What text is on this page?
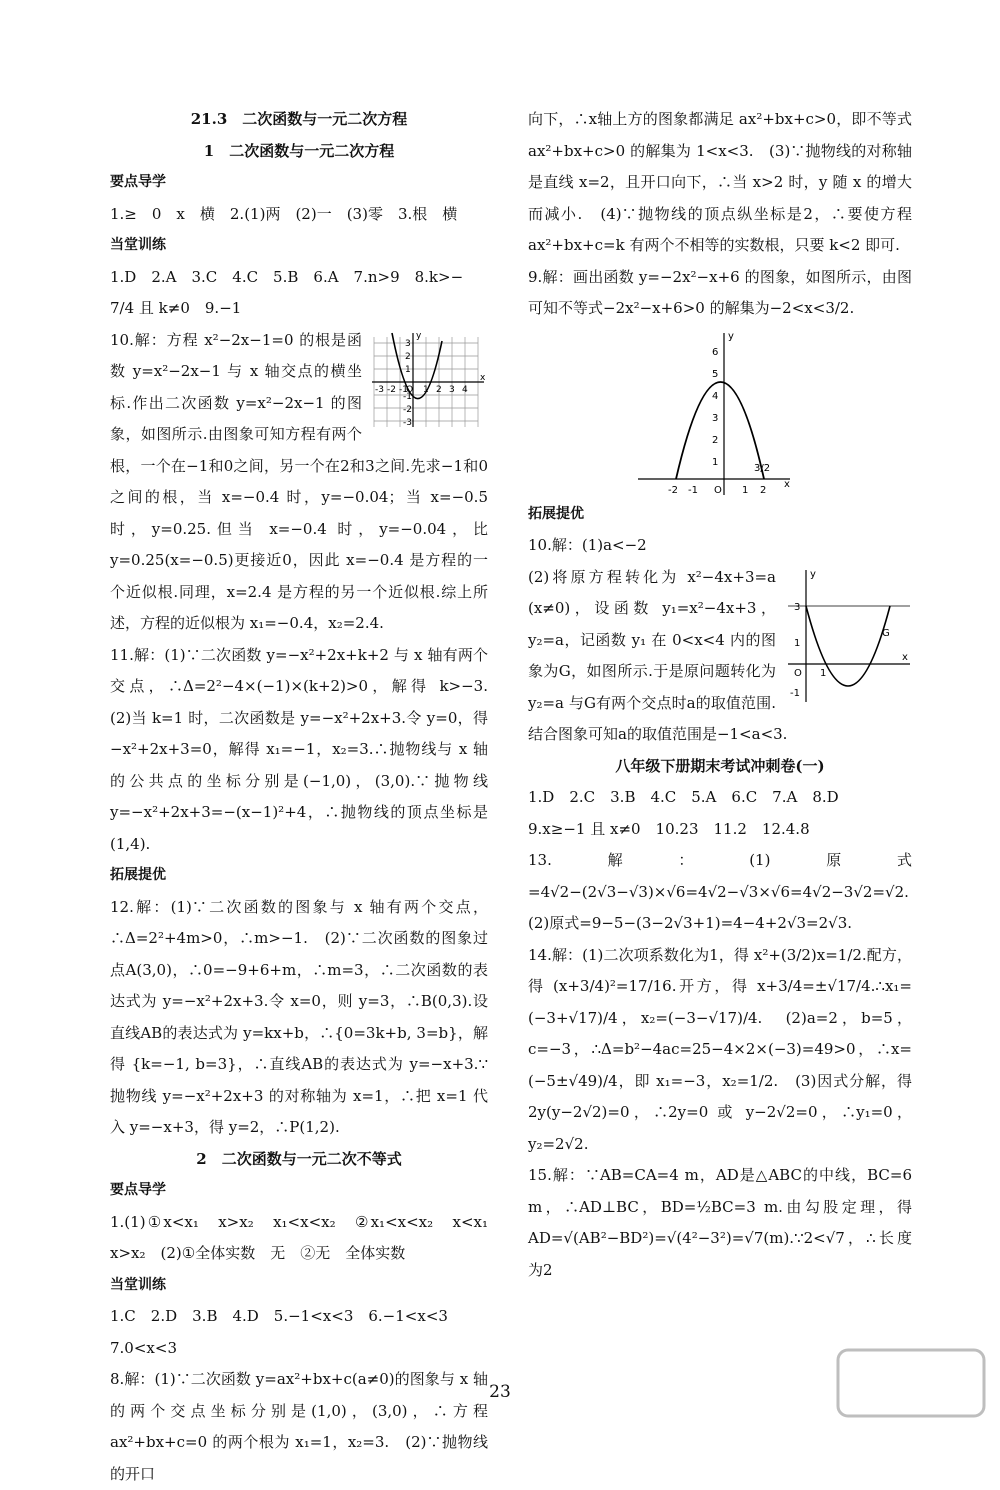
21.3　二次函数与一元二次方程
1　二次函数与一元二次方程
要点导学
1.≥　0　x　横　2.(1)两　(2)一　(3)零　3.根　横
当堂训练
1.D　2.A　3.C　4.C　5.B　6.A　7.n>9　8.k>−
7/4 且 k≠0　9.−1
-3 -2 -1
O 1 2 3 4
x
y
3
2
1
-1
-2
-3
10.解：方程 x²−2x−1=0 的根是函数 y=x²−2x−1 与 x 轴交点的横坐标.作出二次函数 y=x²−2x−1 的图象，如图所示.由图象可知方程有两个根，一个在−1和0之间，另一个在2和3之间.先求−1和0之间的根，当 x=−0.4 时，y=−0.04；当 x=−0.5 时，y=0.25.但当 x=−0.4 时，y=−0.04，比 y=0.25(x=−0.5)更接近0，因此 x=−0.4 是方程的一个近似根.同理，x=2.4 是方程的另一个近似根.综上所述，方程的近似根为 x₁=−0.4，x₂=2.4.
11.解：(1)∵二次函数 y=−x²+2x+k+2 与 x 轴有两个交点，∴Δ=2²−4×(−1)×(k+2)>0，解得 k>−3.　(2)当 k=1 时，二次函数是 y=−x²+2x+3.令 y=0，得−x²+2x+3=0，解得 x₁=−1，x₂=3.∴抛物线与 x 轴的公共点的坐标分别是(−1,0)，(3,0).∵抛物线 y=−x²+2x+3=−(x−1)²+4，∴抛物线的顶点坐标是(1,4).
拓展提优
12.解：(1)∵二次函数的图象与 x 轴有两个交点，∴Δ=2²+4m>0，∴m>−1.　(2)∵二次函数的图象过点A(3,0)，∴0=−9+6+m，∴m=3，∴二次函数的表达式为 y=−x²+2x+3.令 x=0，则 y=3，∴B(0,3).设直线AB的表达式为 y=kx+b，∴{0=3k+b, 3=b}，解得 {k=−1, b=3}，∴直线AB的表达式为 y=−x+3.∵抛物线 y=−x²+2x+3 的对称轴为 x=1，∴把 x=1 代入 y=−x+3，得 y=2，∴P(1,2).
2　二次函数与一元二次不等式
要点导学
1.(1)①x<x₁　x>x₂　x₁<x<x₂　②x₁<x<x₂　x<x₁　x>x₂　(2)①全体实数　无　②无　全体实数
当堂训练
1.C　2.D　3.B　4.D　5.−1<x<3　6.−1<x<3
7.0<x<3
8.解：(1)∵二次函数 y=ax²+bx+c(a≠0)的图象与 x 轴的两个交点坐标分别是(1,0)，(3,0)，∴方程 ax²+bx+c=0 的两个根为 x₁=1，x₂=3.　(2)∵抛物线的开口
向下，∴x轴上方的图象都满足 ax²+bx+c>0，即不等式 ax²+bx+c>0 的解集为 1<x<3.　(3)∵抛物线的对称轴是直线 x=2，且开口向下，∴当 x>2 时，y 随 x 的增大而减小.　(4)∵抛物线的顶点纵坐标是2，∴要使方程 ax²+bx+c=k 有两个不相等的实数根，只要 k<2 即可.
9.解：画出函数 y=−2x²−x+6 的图象，如图所示，由图可知不等式−2x²−x+6>0 的解集为−2<x<3/2.
y
6
5
4
3
2
1
-2 -1 O 1 2
3/2
x
拓展提优
10.解：(1)a<−2
y
3
1
O 1
-1
G
x
(2)将原方程转化为 x²−4x+3=a (x≠0)，设函数 y₁=x²−4x+3，y₂=a，记函数 y₁ 在 0<x<4 内的图象为G，如图所示.于是原问题转化为 y₂=a 与G有两个交点时a的取值范围.结合图象可知a的取值范围是−1<a<3.
八年级下册期末考试冲刺卷(一)
1.D　2.C　3.B　4.C　5.A　6.C　7.A　8.D
9.x≥−1 且 x≠0　10.23　11.2　12.4.8
13.解：(1)原式=4√2−(2√3−√3)×√6=4√2−√3×√6=4√2−3√2=√2.　(2)原式=9−5−(3−2√3+1)=4−4+2√3=2√3.
14.解：(1)二次项系数化为1，得 x²+(3/2)x=1/2.配方，得 (x+3/4)²=17/16.开方，得 x+3/4=±√17/4.∴x₁=(−3+√17)/4，x₂=(−3−√17)/4.　(2)a=2，b=5，c=−3，∴Δ=b²−4ac=25−4×2×(−3)=49>0，∴x=(−5±√49)/4，即 x₁=−3，x₂=1/2.　(3)因式分解，得 2y(y−2√2)=0，∴2y=0 或 y−2√2=0，∴y₁=0，y₂=2√2.
15.解：∵AB=CA=4 m，AD是△ABC的中线，BC=6 m，∴AD⊥BC，BD=½BC=3 m.由勾股定理，得 AD=√(AB²−BD²)=√(4²−3²)=√7(m).∵2<√7，∴长度为2
23
